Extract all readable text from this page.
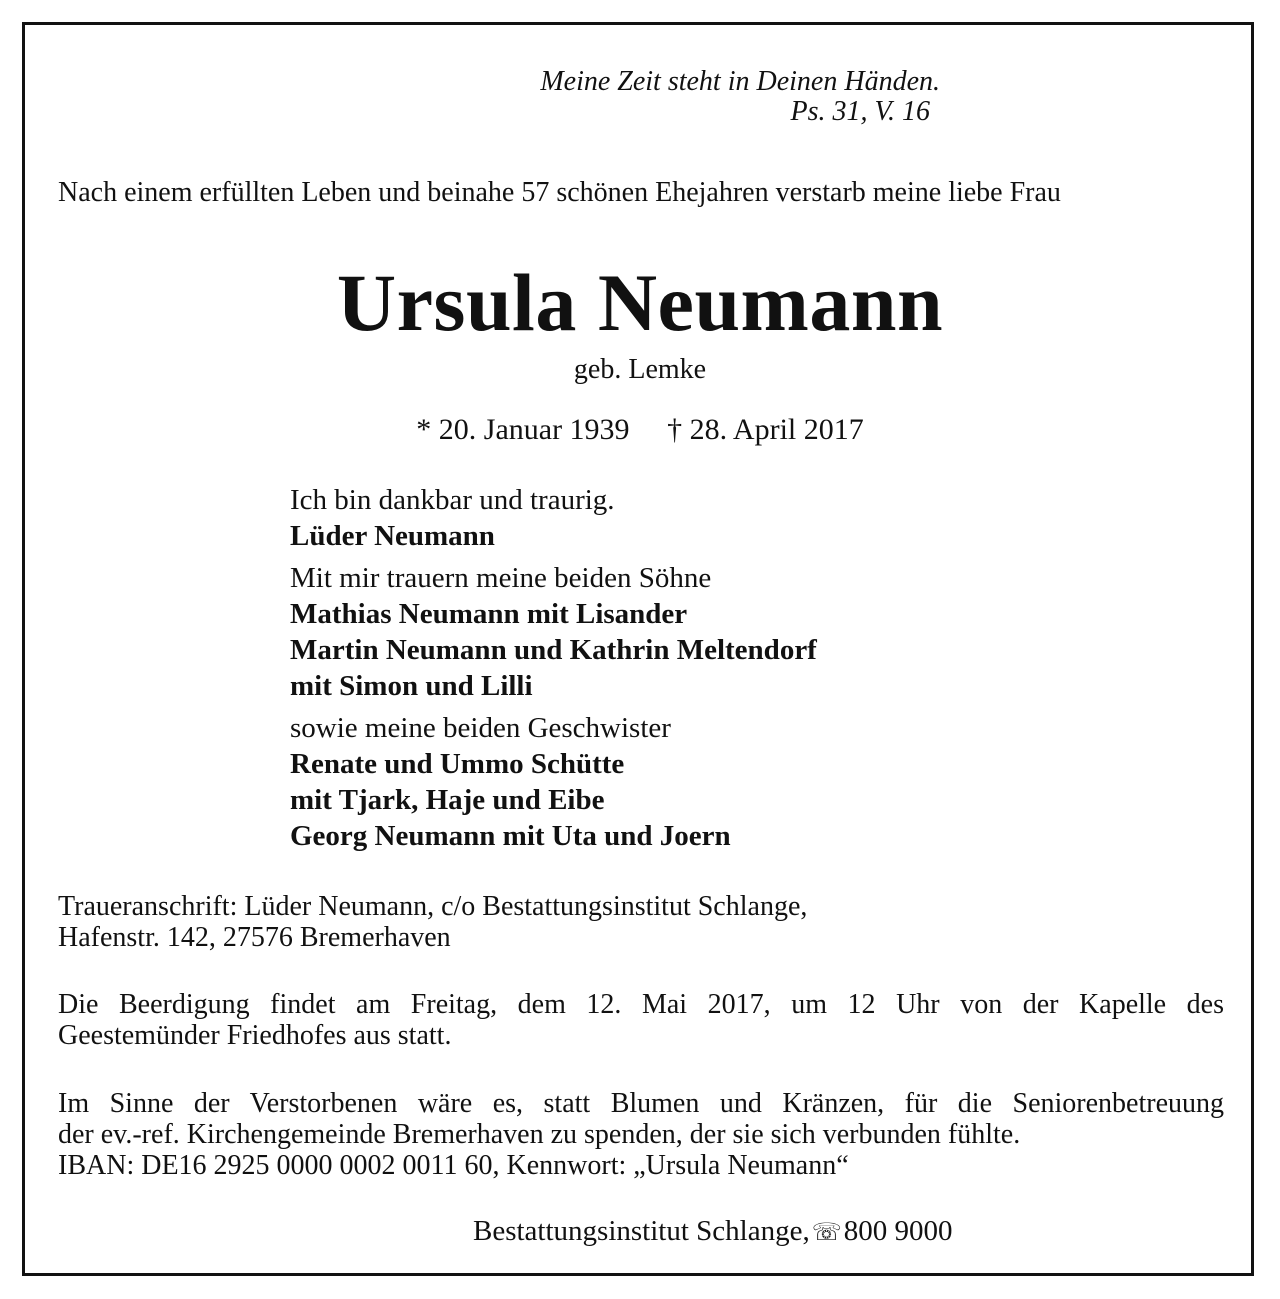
Meine Zeit steht in Deinen Händen.
Ps. 31, V. 16
Nach einem erfüllten Leben und beinahe 57 schönen Ehejahren verstarb meine liebe Frau
Ursula Neumann
geb. Lemke
* 20. Januar 1939 † 28. April 2017
Ich bin dankbar und traurig.
Lüder Neumann
Mit mir trauern meine beiden Söhne
Mathias Neumann mit Lisander
Martin Neumann und Kathrin Meltendorf
mit Simon und Lilli
sowie meine beiden Geschwister
Renate und Ummo Schütte
mit Tjark, Haje und Eibe
Georg Neumann mit Uta und Joern
Traueranschrift: Lüder Neumann, c/o Bestattungsinstitut Schlange,
Hafenstr. 142, 27576 Bremerhaven
Die Beerdigung findet am Freitag, dem 12. Mai 2017, um 12 Uhr von der Kapelle des
Geestemünder Friedhofes aus statt.
Im Sinne der Verstorbenen wäre es, statt Blumen und Kränzen, für die Seniorenbetreuung
der ev.-ref. Kirchengemeinde Bremerhaven zu spenden, der sie sich verbunden fühlte.
IBAN: DE16 2925 0000 0002 0011 60, Kennwort: „Ursula Neumann“
Bestattungsinstitut Schlange,☏800 9000
